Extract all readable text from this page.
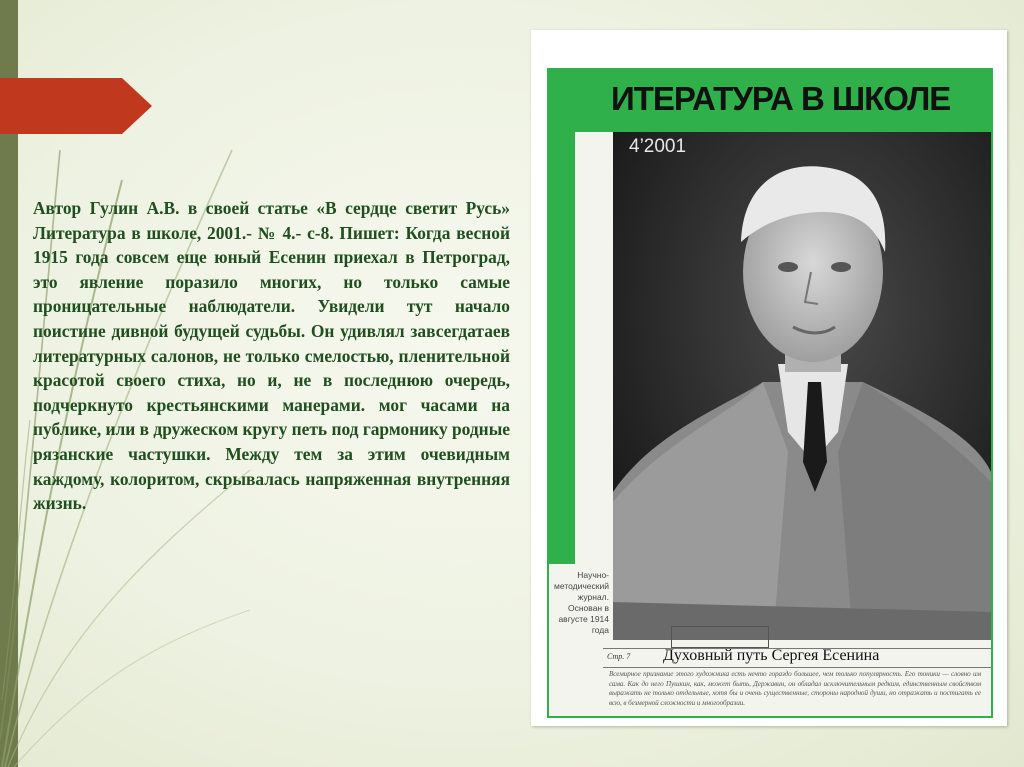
Автор Гулин А.В. в своей статье «В сердце светит Русь» Литература в школе, 2001.- № 4.- с-8. Пишет: Когда весной 1915 года совсем еще юный Есенин приехал в Петроград, это явление поразило многих, но только самые проницательные наблюдатели. Увидели тут начало поистине дивной будущей судьбы. Он удивлял завсегдатаев литературных салонов, не только смелостью, пленительной красотой своего стиха, но и, не в последнюю очередь, подчеркнуто крестьянскими манерами. мог часами на публике, или в дружеском кругу петь под гармонику родные рязанские частушки. Между тем за этим очевидным каждому, колоритом, скрывалась напряженная внутренняя жизнь.

ИТЕРАТУРА В ШКОЛЕ
4’2001
Научно-методический журнал. Основан в августе 1914 года
Стр. 7 Духовный путь Сергея Есенина
Всемирное признание этого художника есть нечто гораздо большее, чем только популярность. Его тоники — словно им сама. Как до него Пушкин, как, может быть, Державин, он обладал исключительным редким, единственным свойством выражать не только отдельные, хотя бы и очень существенные, стороны народной души, но отражать и постигать ее всю, в безмерной сложности и многообразии.
